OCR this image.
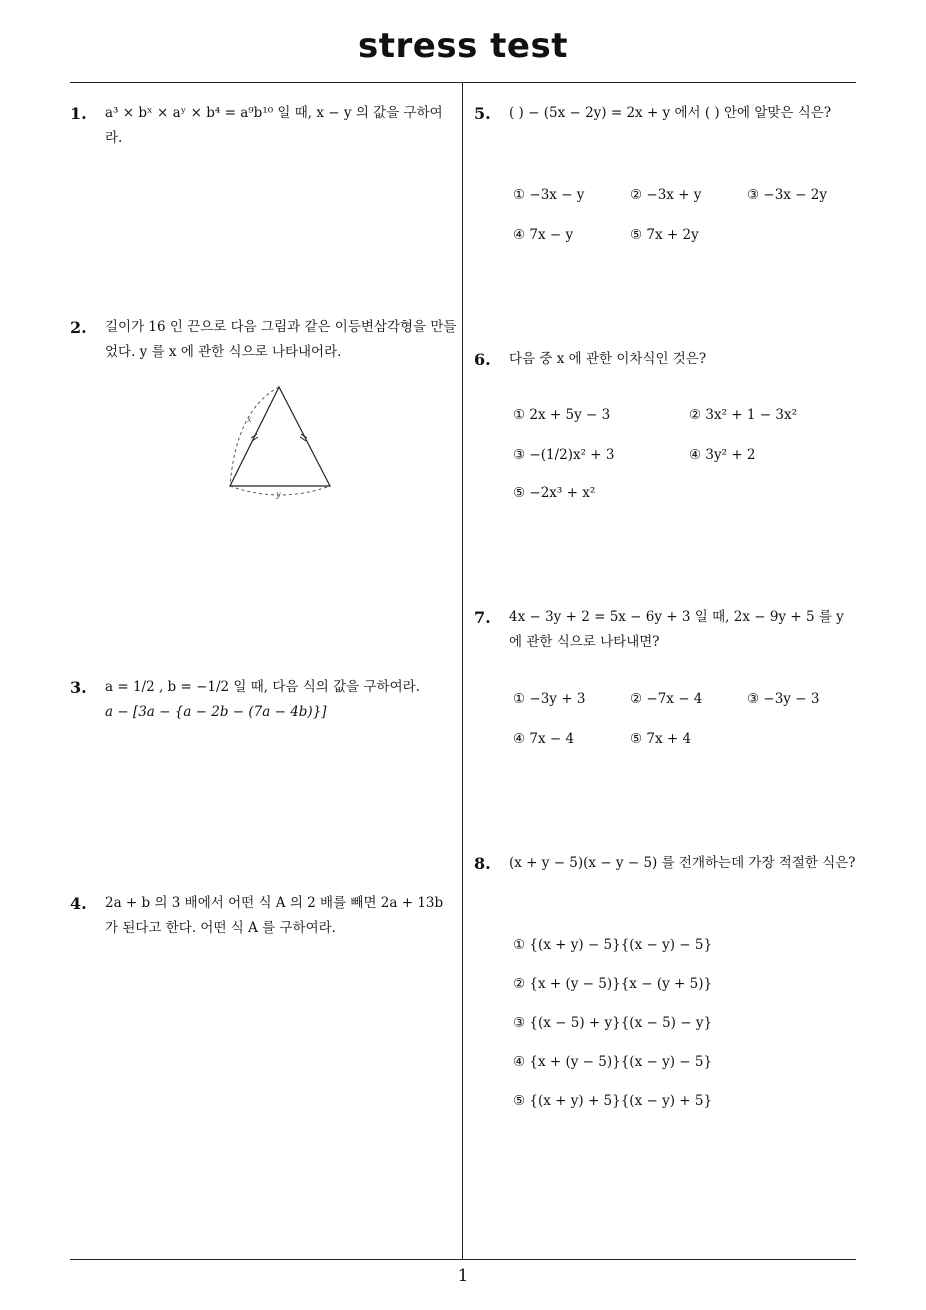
stress test
1. a³ × bˣ × aʸ × b⁴ = a⁹b¹⁰ 일 때, x − y 의 값을 구하여라.
2. 길이가 16 인 끈으로 다음 그림과 같은 이등변삼각형을 만들었다. y 를 x 에 관한 식으로 나타내어라.
x
y
3. a = 1/2 , b = −1/2 일 때, 다음 식의 값을 구하여라.
a − [3a − {a − 2b − (7a − 4b)}]
4. 2a + b 의 3 배에서 어떤 식 A 의 2 배를 빼면 2a + 13b 가 된다고 한다. 어떤 식 A 를 구하여라.
5. ( ) − (5x − 2y) = 2x + y 에서 ( ) 안에 알맞은 식은?
① −3x − y	② −3x + y	③ −3x − 2y
④ 7x − y	⑤ 7x + 2y
6. 다음 중 x 에 관한 이차식인 것은?
① 2x + 5y − 3	② 3x² + 1 − 3x²
③ −(1/2)x² + 3	④ 3y² + 2
⑤ −2x³ + x²
7. 4x − 3y + 2 = 5x − 6y + 3 일 때, 2x − 9y + 5 를 y 에 관한 식으로 나타내면?
① −3y + 3	② −7x − 4	③ −3y − 3
④ 7x − 4	⑤ 7x + 4
8. (x + y − 5)(x − y − 5) 를 전개하는데 가장 적절한 식은?
① {(x + y) − 5}{(x − y) − 5}
② {x + (y − 5)}{x − (y + 5)}
③ {(x − 5) + y}{(x − 5) − y}
④ {x + (y − 5)}{(x − y) − 5}
⑤ {(x + y) + 5}{(x − y) + 5}
1
